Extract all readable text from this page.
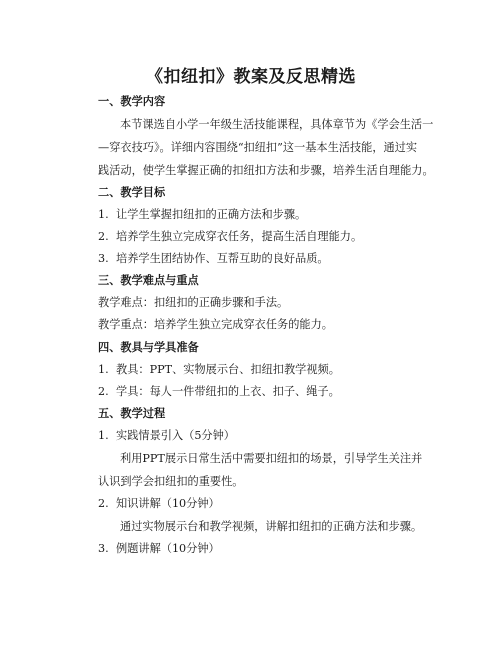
《扣纽扣》教案及反思精选
一、教学内容
本节课选自小学一年级生活技能课程，具体章节为《学会生活一
—穿衣技巧》。详细内容围绕“扣纽扣”这一基本生活技能，通过实
践活动，使学生掌握正确的扣纽扣方法和步骤，培养生活自理能力。
二、教学目标
1. 让学生掌握扣纽扣的正确方法和步骤。
2. 培养学生独立完成穿衣任务，提高生活自理能力。
3. 培养学生团结协作、互帮互助的良好品质。
三、教学难点与重点
教学难点：扣纽扣的正确步骤和手法。
教学重点：培养学生独立完成穿衣任务的能力。
四、教具与学具准备
1. 教具：PPT、实物展示台、扣纽扣教学视频。
2. 学具：每人一件带纽扣的上衣、扣子、绳子。
五、教学过程
1. 实践情景引入（5分钟）
利用PPT展示日常生活中需要扣纽扣的场景，引导学生关注并
认识到学会扣纽扣的重要性。
2. 知识讲解（10分钟）
通过实物展示台和教学视频，讲解扣纽扣的正确方法和步骤。
3. 例题讲解（10分钟）
